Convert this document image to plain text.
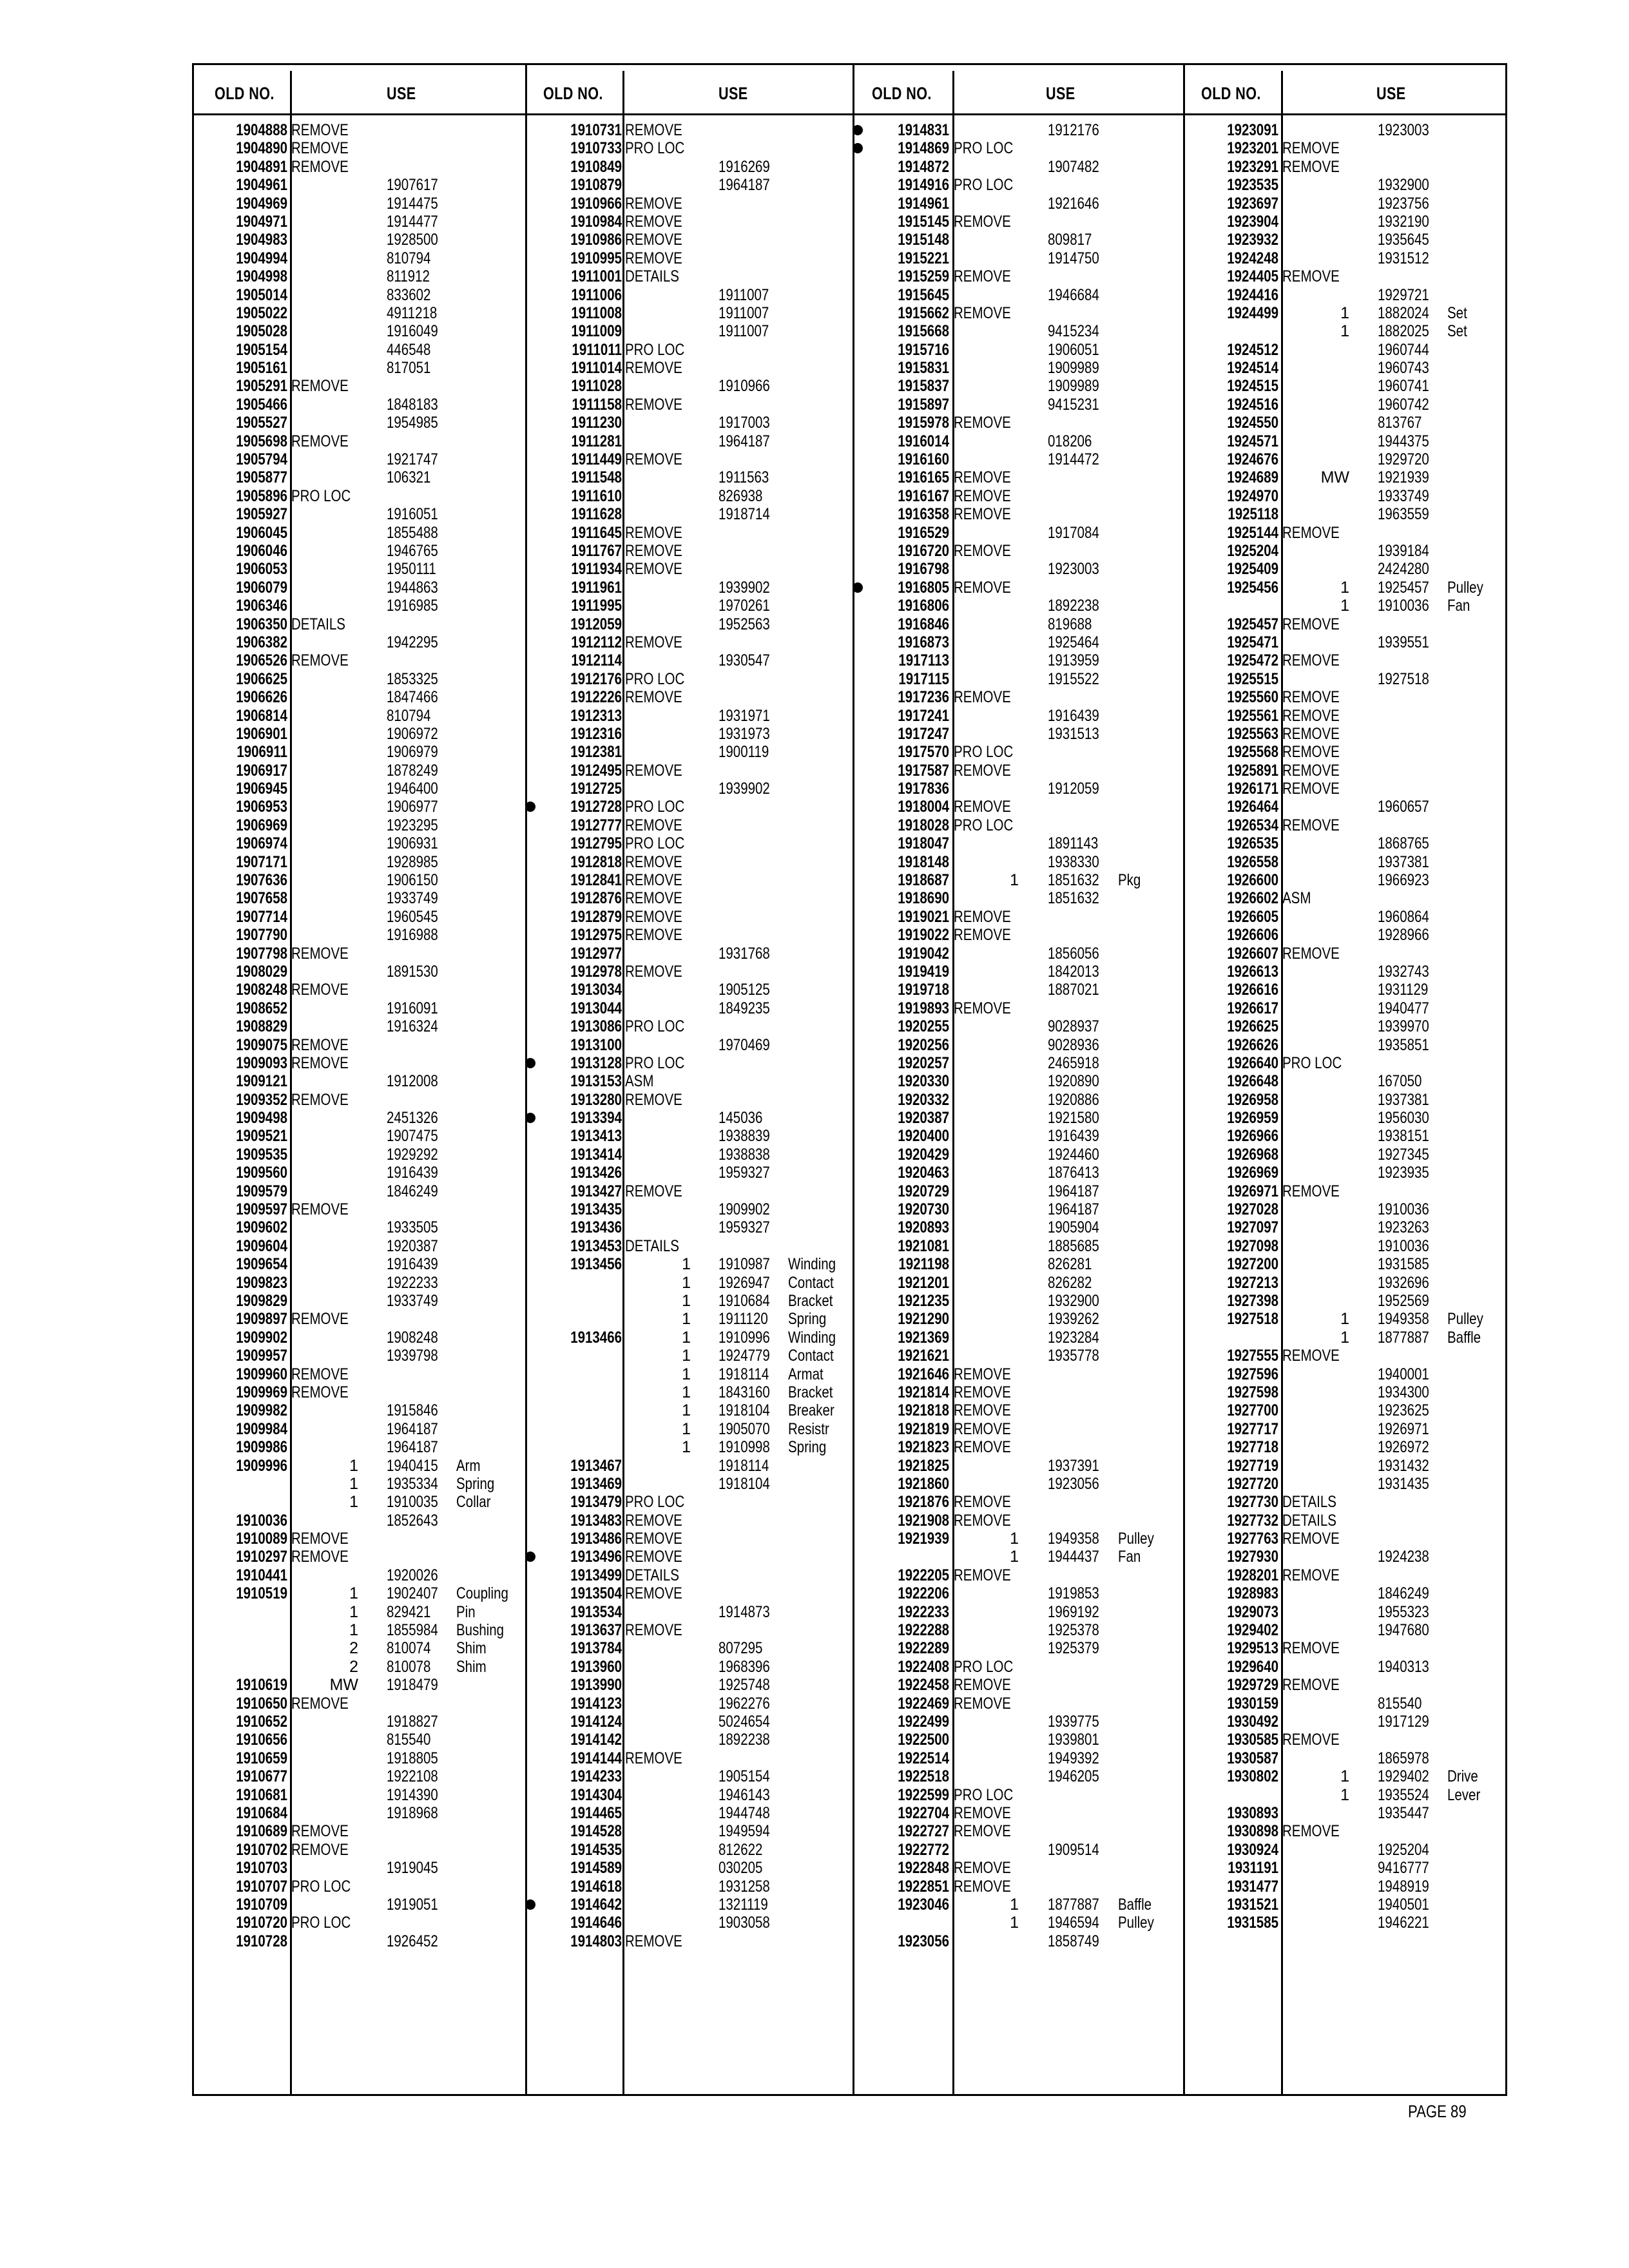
OLD NO.	USE
1904888 REMOVE
1904890 REMOVE
1904891 REMOVE
1904961	1907617
1904969	1914475
1904971	1914477
1904983	1928500
1904994	810794
1904998	811912
1905014	833602
1905022	4911218
1905028	1916049
1905154	446548
1905161	817051
1905291 REMOVE
1905466	1848183
1905527	1954985
1905698 REMOVE
1905794	1921747
1905877	106321
1905896 PRO LOC
1905927	1916051
1906045	1855488
1906046	1946765
1906053	1950111
1906079	1944863
1906346	1916985
1906350 DETAILS
1906382	1942295
1906526 REMOVE
1906625	1853325
1906626	1847466
1906814	810794
1906901	1906972
1906911	1906979
1906917	1878249
1906945	1946400
1906953	1906977
1906969	1923295
1906974	1906931
1907171	1928985
1907636	1906150
1907658	1933749
1907714	1960545
1907790	1916988
1907798 REMOVE
1908029	1891530
1908248 REMOVE
1908652	1916091
1908829	1916324
1909075 REMOVE
1909093 REMOVE
1909121	1912008
1909352 REMOVE
1909498	2451326
1909521	1907475
1909535	1929292
1909560	1916439
1909579	1846249
1909597 REMOVE
1909602	1933505
1909604	1920387
1909654	1916439
1909823	1922233
1909829	1933749
1909897 REMOVE
1909902	1908248
1909957	1939798
1909960 REMOVE
1909969 REMOVE
1909982	1915846
1909984	1964187
1909986	1964187
1909996	1 1940415 Arm
1 1935334 Spring
1 1910035 Collar
1910036	1852643
1910089 REMOVE
1910297 REMOVE
1910441	1920026
1910519	1 1902407 Coupling
1 829421 Pin
1 1855984 Bushing
2 810074 Shim
2 810078 Shim
1910619	MW 1918479
1910650 REMOVE
1910652	1918827
1910656	815540
1910659	1918805
1910677	1922108
1910681	1914390
1910684	1918968
1910689 REMOVE
1910702 REMOVE
1910703	1919045
1910707 PRO LOC
1910709	1919051
1910720 PRO LOC
1910728	1926452
OLD NO.	USE
1910731 REMOVE
1910733 PRO LOC
1910849	1916269
1910879	1964187
1910966 REMOVE
1910984 REMOVE
1910986 REMOVE
1910995 REMOVE
1911001 DETAILS
1911006	1911007
1911008	1911007
1911009	1911007
1911011 PRO LOC
1911014 REMOVE
1911028	1910966
1911158 REMOVE
1911230	1917003
1911281	1964187
1911449 REMOVE
1911548	1911563
1911610	826938
1911628	1918714
1911645 REMOVE
1911767 REMOVE
1911934 REMOVE
1911961	1939902
1911995	1970261
1912059	1952563
1912112 REMOVE
1912114	1930547
1912176 PRO LOC
1912226 REMOVE
1912313	1931971
1912316	1931973
1912381	1900119
1912495 REMOVE
1912725	1939902
1912728 PRO LOC
1912777 REMOVE
1912795 PRO LOC
1912818 REMOVE
1912841 REMOVE
1912876 REMOVE
1912879 REMOVE
1912975 REMOVE
1912977	1931768
1912978 REMOVE
1913034	1905125
1913044	1849235
1913086 PRO LOC
1913100	1970469
1913128 PRO LOC
1913153 ASM
1913280 REMOVE
1913394	145036
1913413	1938839
1913414	1938838
1913426	1959327
1913427 REMOVE
1913435	1909902
1913436	1959327
1913453 DETAILS
1913456	1 1910987 Winding
1 1926947 Contact
1 1910684 Bracket
1 1911120 Spring
1913466	1 1910996 Winding
1 1924779 Contact
1 1918114 Armat
1 1843160 Bracket
1 1918104 Breaker
1 1905070 Resistr
1 1910998 Spring
1913467	1918114
1913469	1918104
1913479 PRO LOC
1913483 REMOVE
1913486 REMOVE
1913496 REMOVE
1913499 DETAILS
1913504 REMOVE
1913534	1914873
1913637 REMOVE
1913784	807295
1913960	1968396
1913990	1925748
1914123	1962276
1914124	5024654
1914142	1892238
1914144 REMOVE
1914233	1905154
1914304	1946143
1914465	1944748
1914528	1949594
1914535	812622
1914589	030205
1914618	1931258
1914642	1321119
1914646	1903058
1914803 REMOVE
OLD NO.	USE
1914831	1912176
1914869 PRO LOC
1914872	1907482
1914916 PRO LOC
1914961	1921646
1915145 REMOVE
1915148	809817
1915221	1914750
1915259 REMOVE
1915645	1946684
1915662 REMOVE
1915668	9415234
1915716	1906051
1915831	1909989
1915837	1909989
1915897	9415231
1915978 REMOVE
1916014	018206
1916160	1914472
1916165 REMOVE
1916167 REMOVE
1916358 REMOVE
1916529	1917084
1916720 REMOVE
1916798	1923003
1916805 REMOVE
1916806	1892238
1916846	819688
1916873	1925464
1917113	1913959
1917115	1915522
1917236 REMOVE
1917241	1916439
1917247	1931513
1917570 PRO LOC
1917587 REMOVE
1917836	1912059
1918004 REMOVE
1918028 PRO LOC
1918047	1891143
1918148	1938330
1918687	1 1851632 Pkg
1918690	1851632
1919021 REMOVE
1919022 REMOVE
1919042	1856056
1919419	1842013
1919718	1887021
1919893 REMOVE
1920255	9028937
1920256	9028936
1920257	2465918
1920330	1920890
1920332	1920886
1920387	1921580
1920400	1916439
1920429	1924460
1920463	1876413
1920729	1964187
1920730	1964187
1920893	1905904
1921081	1885685
1921198	826281
1921201	826282
1921235	1932900
1921290	1939262
1921369	1923284
1921621	1935778
1921646 REMOVE
1921814 REMOVE
1921818 REMOVE
1921819 REMOVE
1921823 REMOVE
1921825	1937391
1921860	1923056
1921876 REMOVE
1921908 REMOVE
1921939	1 1949358 Pulley
1 1944437 Fan
1922205 REMOVE
1922206	1919853
1922233	1969192
1922288	1925378
1922289	1925379
1922408 PRO LOC
1922458 REMOVE
1922469 REMOVE
1922499	1939775
1922500	1939801
1922514	1949392
1922518	1946205
1922599 PRO LOC
1922704 REMOVE
1922727 REMOVE
1922772	1909514
1922848 REMOVE
1922851 REMOVE
1923046	1 1877887 Baffle
1 1946594 Pulley
1923056	1858749
OLD NO.	USE
1923091	1923003
1923201 REMOVE
1923291 REMOVE
1923535	1932900
1923697	1923756
1923904	1932190
1923932	1935645
1924248	1931512
1924405 REMOVE
1924416	1929721
1924499	1 1882024 Set
1 1882025 Set
1924512	1960744
1924514	1960743
1924515	1960741
1924516	1960742
1924550	813767
1924571	1944375
1924676	1929720
1924689	MW 1921939
1924970	1933749
1925118	1963559
1925144 REMOVE
1925204	1939184
1925409	2424280
1925456	1 1925457 Pulley
1 1910036 Fan
1925457 REMOVE
1925471	1939551
1925472 REMOVE
1925515	1927518
1925560 REMOVE
1925561 REMOVE
1925563 REMOVE
1925568 REMOVE
1925891 REMOVE
1926171 REMOVE
1926464	1960657
1926534 REMOVE
1926535	1868765
1926558	1937381
1926600	1966923
1926602 ASM
1926605	1960864
1926606	1928966
1926607 REMOVE
1926613	1932743
1926616	1931129
1926617	1940477
1926625	1939970
1926626	1935851
1926640 PRO LOC
1926648	167050
1926958	1937381
1926959	1956030
1926966	1938151
1926968	1927345
1926969	1923935
1926971 REMOVE
1927028	1910036
1927097	1923263
1927098	1910036
1927200	1931585
1927213	1932696
1927398	1952569
1927518	1 1949358 Pulley
1 1877887 Baffle
1927555 REMOVE
1927596	1940001
1927598	1934300
1927700	1923625
1927717	1926971
1927718	1926972
1927719	1931432
1927720	1931435
1927730 DETAILS
1927732 DETAILS
1927763 REMOVE
1927930	1924238
1928201 REMOVE
1928983	1846249
1929073	1955323
1929402	1947680
1929513 REMOVE
1929640	1940313
1929729 REMOVE
1930159	815540
1930492	1917129
1930585 REMOVE
1930587	1865978
1930802	1 1929402 Drive
1 1935524 Lever
1930893	1935447
1930898 REMOVE
1930924	1925204
1931191	9416777
1931477	1948919
1931521	1940501
1931585	1946221
PAGE 89
